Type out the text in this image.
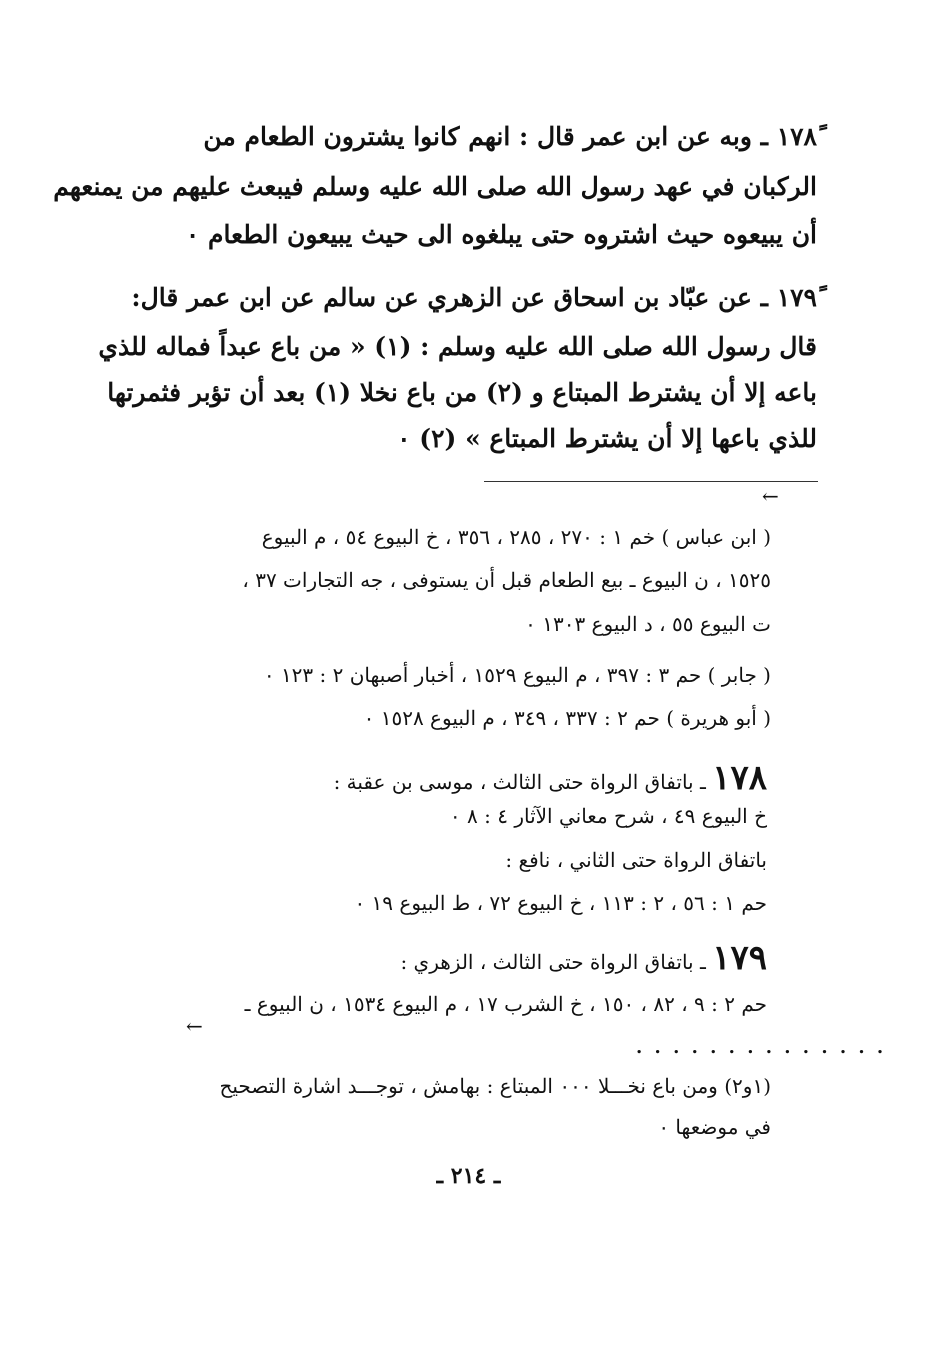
١٧٨ً ـ وبه عن ابن عمر قال : انهم كانوا يشترون الطعام من
الركبان في عهد رسول الله صلى الله عليه وسلم فيبعث عليهم من يمنعهم
أن يبيعوه حيث اشتروه حتى يبلغوه الى حيث يبيعون الطعام ٠
١٧٩ً ـ عن عبّاد بن اسحاق عن الزهري عن سالم عن ابن عمر قال:
قال رسول الله صلى الله عليه وسلم : (١) « من باع عبداً فماله للذي
باعه إلا أن يشترط المبتاع و (٢) من باع نخلا (١) بعد أن تؤبر فثمرتها
للذي باعها إلا أن يشترط المبتاع » (٢) ٠
←
( ابن عباس ) خم ١ : ٢٧٠ ، ٢٨٥ ، ٣٥٦ ، خ البيوع ٥٤ ، م البيوع
١٥٢٥ ، ن البيوع ـ بيع الطعام قبل أن يستوفى ، جه التجارات ٣٧ ،
ت البيوع ٥٥ ، د البيوع ١٣٠٣ ٠
( جابر ) حم ٣ : ٣٩٧ ، م البيوع ١٥٢٩ ، أخبار أصبهان ٢ : ١٢٣ ٠
( أبو هريرة ) حم ٢ : ٣٣٧ ، ٣٤٩ ، م البيوع ١٥٢٨ ٠
١٧٨ ـ باتفاق الرواة حتى الثالث ، موسى بن عقبة :
خ البيوع ٤٩ ، شرح معاني الآثار ٤ : ٨ ٠
باتفاق الرواة حتى الثاني ، نافع :
حم ١ : ٥٦ ، ٢ : ١١٣ ، خ البيوع ٧٢ ، ط البيوع ١٩ ٠
١٧٩ ـ باتفاق الرواة حتى الثالث ، الزهري :
حم ٢ : ٩ ، ٨٢ ، ١٥٠ ، خ الشرب ١٧ ، م البيوع ١٥٣٤ ، ن البيوع ـ
←
. . . . . . . . . . . . . .
(١و٢) ومن باع نخـــلا ٠٠٠ المبتاع : بهامش ، توجـــد اشارة التصحيح
في موضعها ٠
ـ ٢١٤ ـ
